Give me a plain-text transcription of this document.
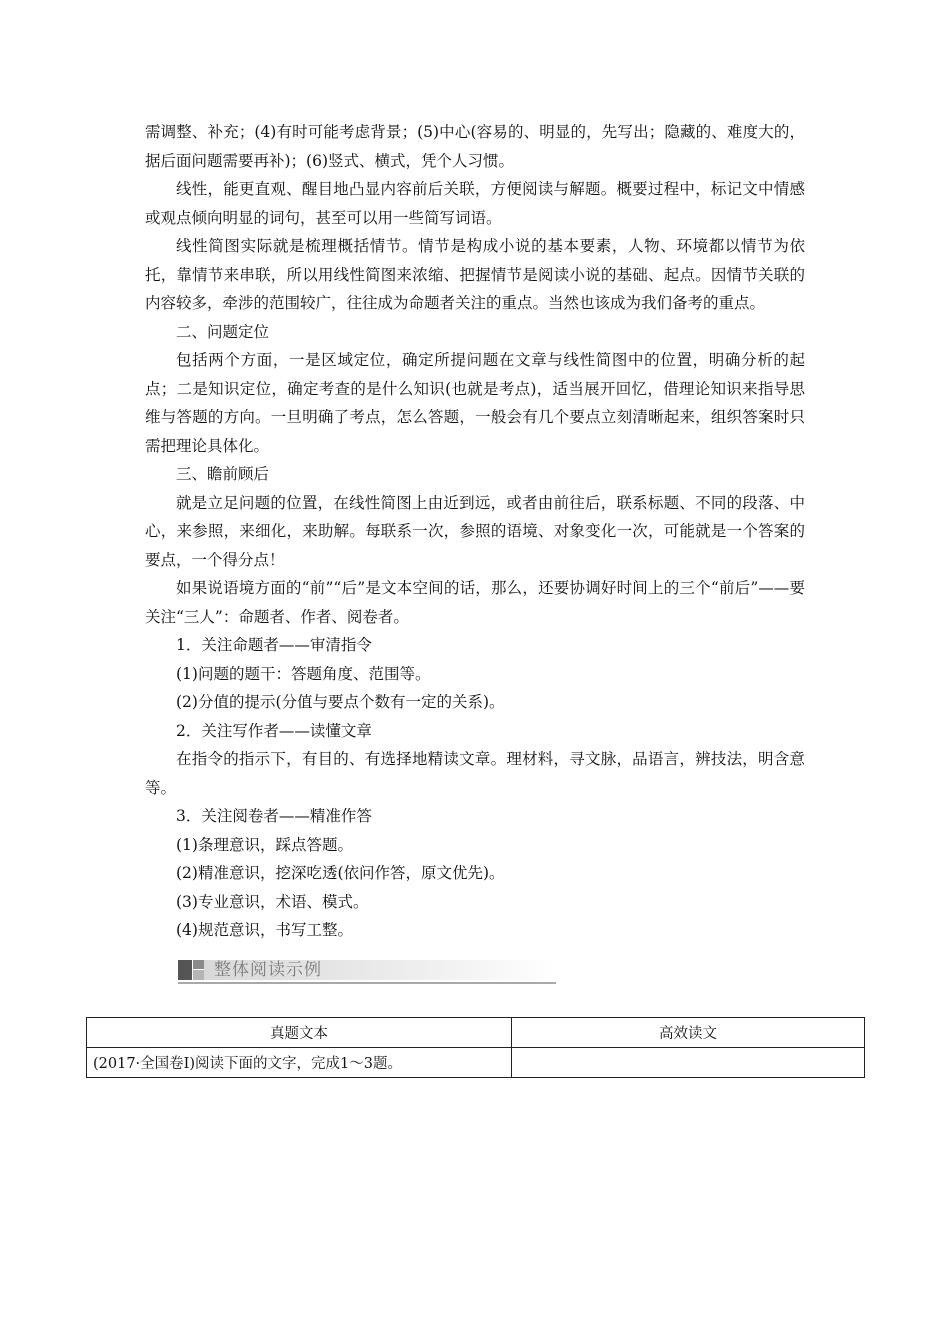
需调整、补充；(4)有时可能考虑背景；(5)中心(容易的、明显的，先写出；隐藏的、难度大的，据后面问题需要再补)；(6)竖式、横式，凭个人习惯。

线性，能更直观、醒目地凸显内容前后关联，方便阅读与解题。概要过程中，标记文中情感或观点倾向明显的词句，甚至可以用一些简写词语。

线性简图实际就是梳理概括情节。情节是构成小说的基本要素，人物、环境都以情节为依托，靠情节来串联，所以用线性简图来浓缩、把握情节是阅读小说的基础、起点。因情节关联的内容较多，牵涉的范围较广，往往成为命题者关注的重点。当然也该成为我们备考的重点。

二、问题定位

包括两个方面，一是区域定位，确定所提问题在文章与线性简图中的位置，明确分析的起点；二是知识定位，确定考查的是什么知识(也就是考点)，适当展开回忆，借理论知识来指导思维与答题的方向。一旦明确了考点，怎么答题，一般会有几个要点立刻清晰起来，组织答案时只需把理论具体化。

三、瞻前顾后

就是立足问题的位置，在线性简图上由近到远，或者由前往后，联系标题、不同的段落、中心，来参照，来细化，来助解。每联系一次，参照的语境、对象变化一次，可能就是一个答案的要点，一个得分点！

如果说语境方面的“前”“后”是文本空间的话，那么，还要协调好时间上的三个“前后”——要关注“三人”：命题者、作者、阅卷者。

1．关注命题者——审清指令

(1)问题的题干：答题角度、范围等。

(2)分值的提示(分值与要点个数有一定的关系)。

2．关注写作者——读懂文章

在指令的指示下，有目的、有选择地精读文章。理材料，寻文脉，品语言，辨技法，明含意等。

3．关注阅卷者——精准作答

(1)条理意识，踩点答题。

(2)精准意识，挖深吃透(依问作答，原文优先)。

(3)专业意识，术语、模式。

(4)规范意识，书写工整。

整体阅读示例
真题文本	高效读文
(2017·全国卷Ⅰ)阅读下面的文字，完成1～3题。	
